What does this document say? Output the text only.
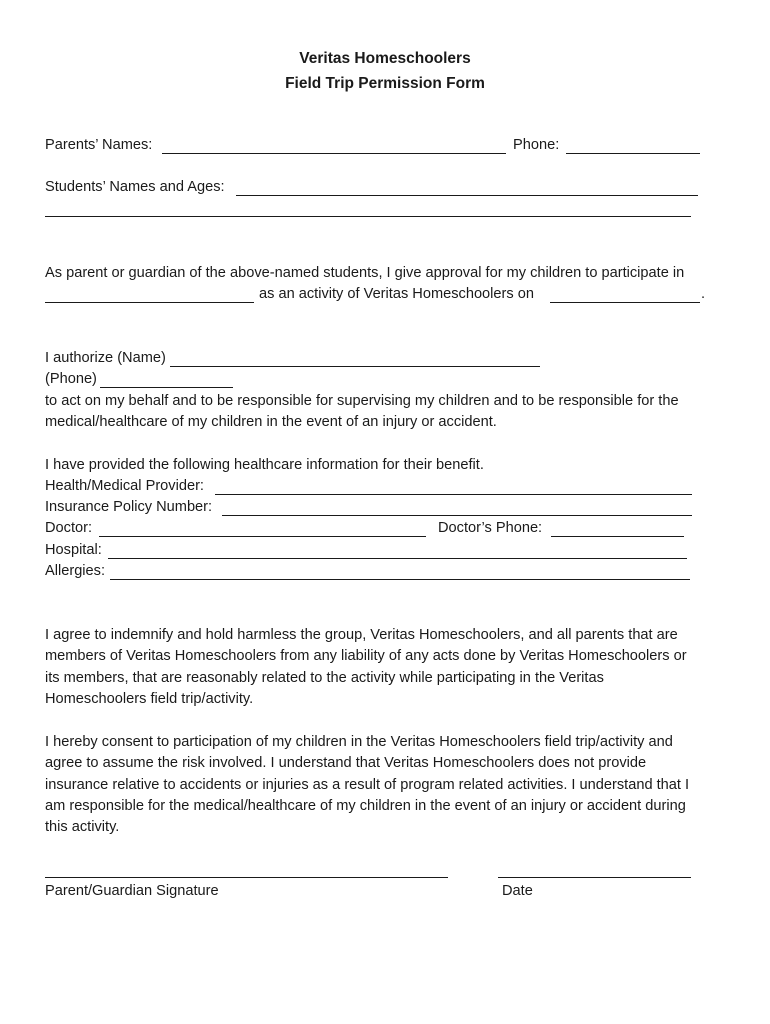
Veritas Homeschoolers
Field Trip Permission Form
Parents’ Names:	Phone:
Students’ Names and Ages:
As parent or guardian of the above-named students, I give approval for my children to participate in
as an activity of Veritas Homeschoolers on	.
I authorize (Name)
(Phone)
to act on my behalf and to be responsible for supervising my children and to be responsible for the
medical/healthcare of my children in the event of an injury or accident.
I have provided the following healthcare information for their benefit.
Health/Medical Provider:
Insurance Policy Number:
Doctor:	Doctor’s Phone:
Hospital:
Allergies:

I agree to indemnify and hold harmless the group, Veritas Homeschoolers, and all parents that are

members of Veritas Homeschoolers from any liability of any acts done by Veritas Homeschoolers or

its members, that are reasonably related to the activity while participating in the Veritas

Homeschoolers field trip/activity.

I hereby consent to participation of my children in the Veritas Homeschoolers field trip/activity and

agree to assume the risk involved. I understand that Veritas Homeschoolers does not provide

insurance relative to accidents or injuries as a result of program related activities. I understand that I

am responsible for the medical/healthcare of my children in the event of an injury or accident during

this activity.

Parent/Guardian Signature	Date
